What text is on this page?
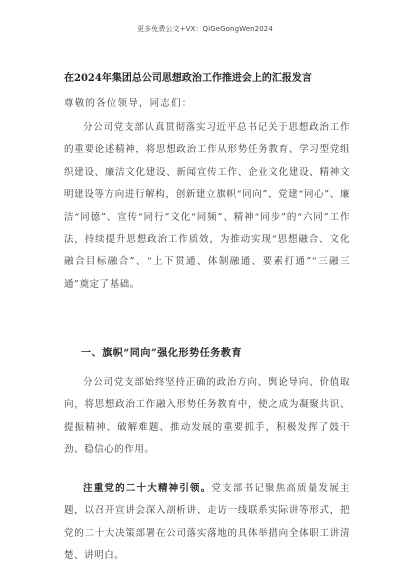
更多免费公文+VX：QiGeGongWen2024
在2024年集团总公司思想政治工作推进会上的汇报发言
尊敬的各位领导，同志们：

分公司党支部认真贯彻落实习近平总书记关于思想政治工作的重要论述精神，将思想政治工作从形势任务教育、学习型党组织建设、廉洁文化建设、新闻宣传工作、企业文化建设、精神文明建设等方向进行解构，创新建立旗帜“同向”、党建“同心”、廉洁“同德”、宣传“同行”文化“同频”、精神“同步”的“六同”工作法，持续提升思想政治工作质效，为推动实现“思想融合、文化融合目标融合”、“上下贯通、体制融通、要素打通”“三融三通”奠定了基础。

一、旗帜“同向”强化形势任务教育

分公司党支部始终坚持正确的政治方向、舆论导向、价值取向，将思想政治工作融入形势任务教育中，使之成为凝聚共识、提振精神、破解难题、推动发展的重要抓手，积极发挥了鼓干劲、稳信心的作用。

注重党的二十大精神引领。党支部书记聚焦高质量发展主题，以召开宣讲会深入剖析讲、走访一线联系实际讲等形式，把党的二十大决策部署在公司落实落地的具体举措向全体职工讲清楚、讲明白。
